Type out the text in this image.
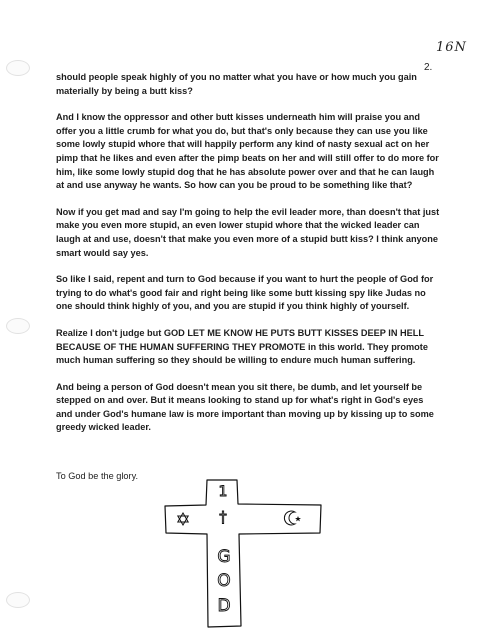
16N
2.

should people speak highly of you no matter what you have or how much you gain materially by being a butt kiss?

And I know the oppressor and other butt kisses underneath him will praise you and offer you a little crumb for what you do, but that's only because they can use you like some lowly stupid whore that will happily perform any kind of nasty sexual act on her pimp that he likes and even after the pimp beats on her and will still offer to do more for him, like some lowly stupid dog that he has absolute power over and that he can laugh at and use anyway he wants. So how can you be proud to be something like that?

Now if you get mad and say I'm going to help the evil leader more, than doesn't that just make you even more stupid, an even lower stupid whore that the wicked leader can laugh at and use, doesn't that make you even more of a stupid butt kiss? I think anyone smart would say yes.

So like I said, repent and turn to God because if you want to hurt the people of God for trying to do what's good fair and right being like some butt kissing spy like Judas no one should think highly of you, and you are stupid if you think highly of yourself.

Realize I don't judge but GOD LET ME KNOW HE PUTS BUTT KISSES DEEP IN HELL BECAUSE OF THE HUMAN SUFFERING THEY PROMOTE in this world. They promote much human suffering so they should be willing to endure much human suffering.

And being a person of God doesn't mean you sit there, be dumb, and let yourself be stepped on and over. But it means looking to stand up for what's right in God's eyes and under God's humane law is more important than moving up by kissing up to some greedy wicked leader.

To God be the glory.
1
†
G
O
D
